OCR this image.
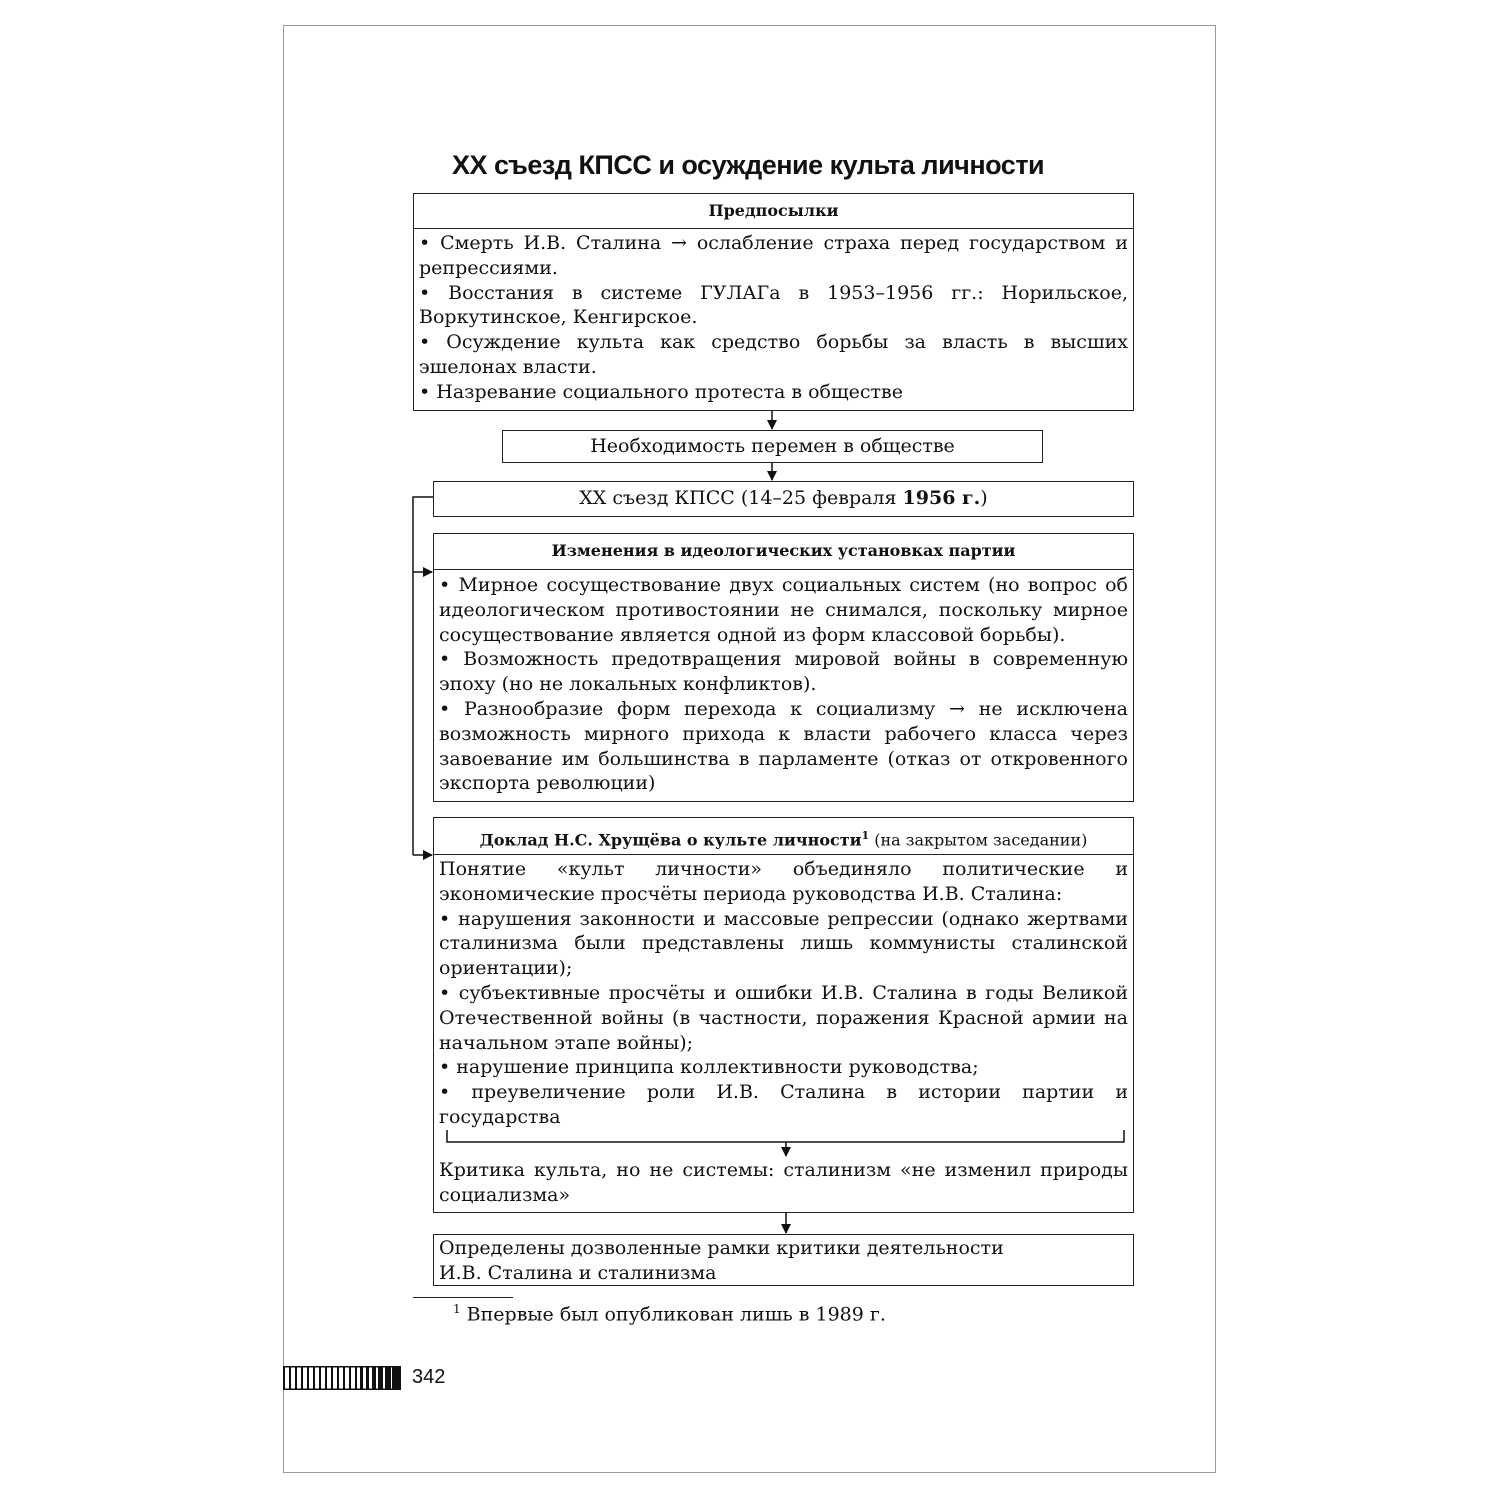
XX съезд КПСС и осуждение культа личности
Предпосылки

• Смерть И.В. Сталина → ослабление страха перед государством и репрессиями.

• Восстания в системе ГУЛАГа в 1953–1956 гг.: Норильское, Воркутинское, Кенгирское.

• Осуждение культа как средство борьбы за власть в высших эшелонах власти.

• Назревание социального протеста в обществе

Необходимость перемен в обществе
XX съезд КПСС (14–25 февраля 1956 г.)
Изменения в идеологических установках партии

• Мирное сосуществование двух социальных систем (но вопрос об идеологическом противостоянии не снимался, поскольку мирное сосуществование является одной из форм классовой борьбы).

• Возможность предотвращения мировой войны в современную эпоху (но не локальных конфликтов).

• Разнообразие форм перехода к социализму → не исключена возможность мирного прихода к власти рабочего класса через завоевание им большинства в парламенте (отказ от откровенного экспорта революции)

Доклад Н.С. Хрущёва о культе личности$^1$ (на закрытом заседании)

Понятие «культ личности» объединяло политические и экономические просчёты периода руководства И.В. Сталина:

• нарушения законности и массовые репрессии (однако жертвами сталинизма были представлены лишь коммунисты сталинской ориентации);

• субъективные просчёты и ошибки И.В. Сталина в годы Великой Отечественной войны (в частности, поражения Красной армии на начальном этапе войны);

• нарушение принципа коллективности руководства;

• преувеличение роли И.В. Сталина в истории партии и государства

Критика культа, но не системы: сталинизм «не изменил природы социализма»
Определены дозволенные рамки критики деятельности И.В. Сталина и сталинизма
$^1$ Впервые был опубликован лишь в 1989 г.
342
